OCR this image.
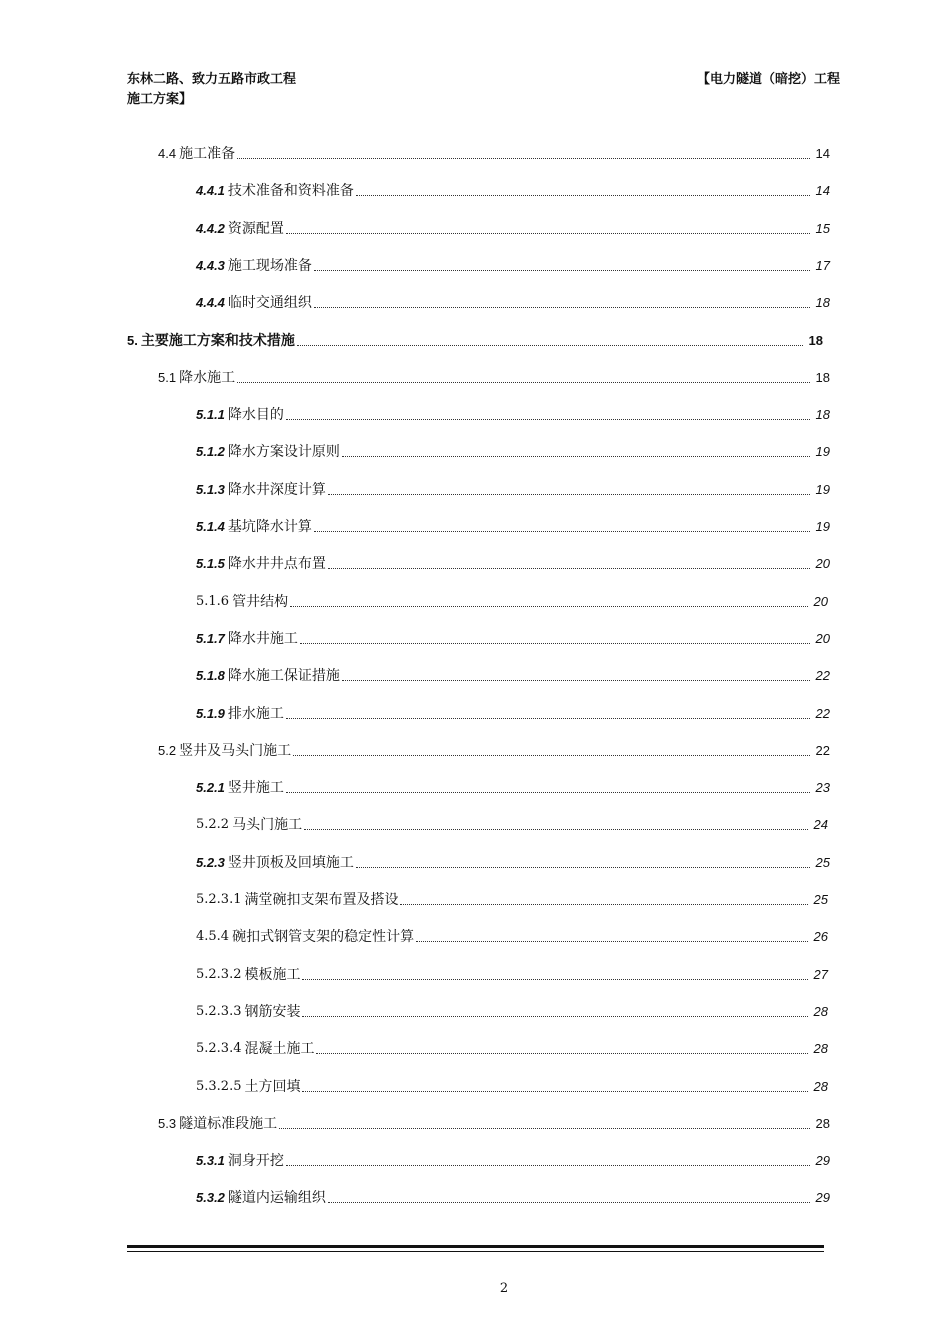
东林二路、致力五路市政工程
施工方案】
【电力隧道（暗挖）工程
4.4 施工准备	14
4.4.1 技术准备和资料准备	14
4.4.2 资源配置	15
4.4.3 施工现场准备	17
4.4.4 临时交通组织	18
5. 主要施工方案和技术措施	18
5.1 降水施工	18
5.1.1 降水目的	18
5.1.2 降水方案设计原则	19
5.1.3 降水井深度计算	19
5.1.4 基坑降水计算	19
5.1.5 降水井井点布置	20
5.1.6 管井结构	20
5.1.7 降水井施工	20
5.1.8 降水施工保证措施	22
5.1.9 排水施工	22
5.2 竖井及马头门施工	22
5.2.1 竖井施工	23
5.2.2 马头门施工	24
5.2.3 竖井顶板及回填施工	25
5.2.3.1 满堂碗扣支架布置及搭设	25
4.5.4 碗扣式钢管支架的稳定性计算	26
5.2.3.2 模板施工	27
5.2.3.3 钢筋安装	28
5.2.3.4 混凝土施工	28
5.3.2.5 土方回填	28
5.3 隧道标准段施工	28
5.3.1 洞身开挖	29
5.3.2 隧道内运输组织	29
2
